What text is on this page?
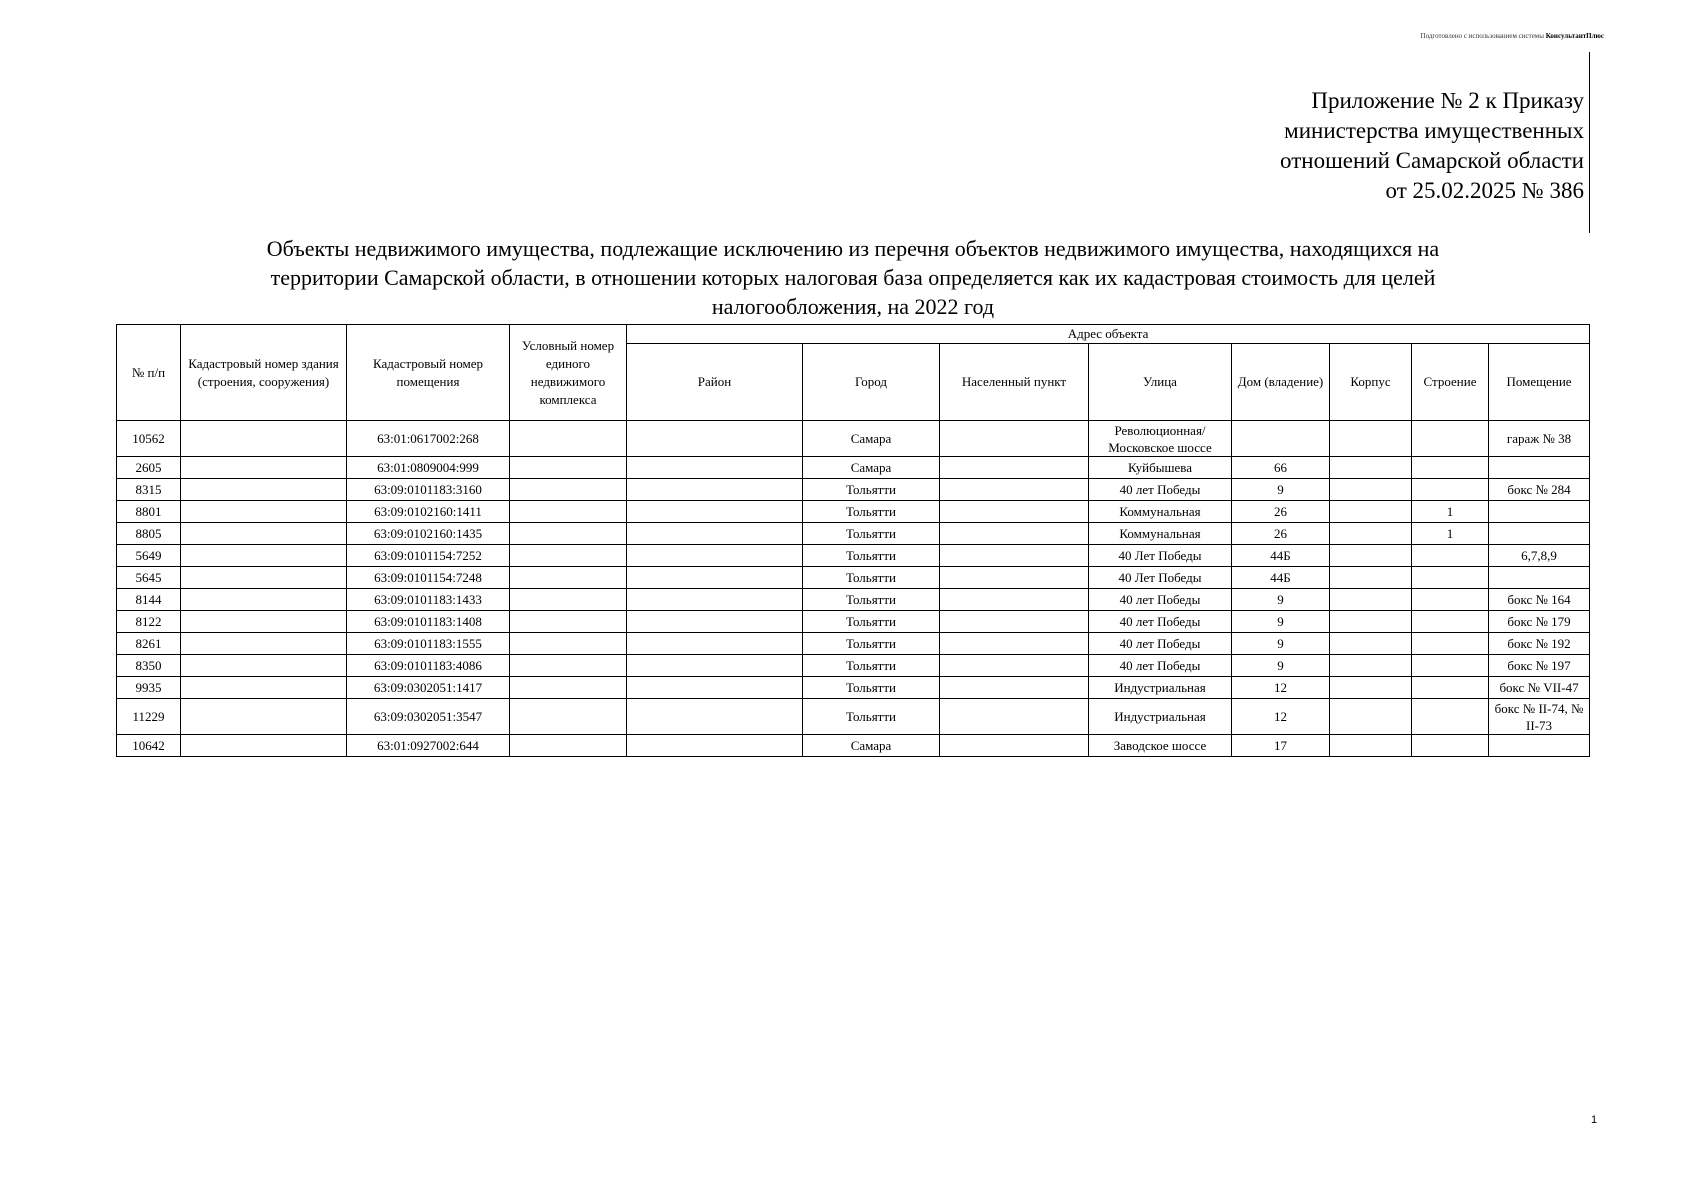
Подготовлено с использованием системы КонсультантПлюс
Приложение № 2 к Приказу
министерства имущественных
отношений Самарской области
от 25.02.2025 № 386
Объекты недвижимого имущества, подлежащие исключению из перечня объектов недвижимого имущества, находящихся на
территории Самарской области, в отношении которых налоговая база определяется как их кадастровая стоимость для целей
налогообложения, на 2022 год
№ п/п	Кадастровый номер здания (строения, сооружения)	Кадастровый номер помещения	Условный номер единого недвижимого комплекса	Адрес объекта							
				Район	Город	Населенный пункт	Улица	Дом (владение)	Корпус	Строение	Помещение
10562		63:01:0617002:268			Самара		Революционная/ Московское шоссе				гараж № 38
2605		63:01:0809004:999			Самара		Куйбышева	66			
8315		63:09:0101183:3160			Тольятти		40 лет Победы	9			бокс № 284
8801		63:09:0102160:1411			Тольятти		Коммунальная	26		1	
8805		63:09:0102160:1435			Тольятти		Коммунальная	26		1	
5649		63:09:0101154:7252			Тольятти		40 Лет Победы	44Б			6,7,8,9
5645		63:09:0101154:7248			Тольятти		40 Лет Победы	44Б			
8144		63:09:0101183:1433			Тольятти		40 лет Победы	9			бокс № 164
8122		63:09:0101183:1408			Тольятти		40 лет Победы	9			бокс № 179
8261		63:09:0101183:1555			Тольятти		40 лет Победы	9			бокс № 192
8350		63:09:0101183:4086			Тольятти		40 лет Победы	9			бокс № 197
9935		63:09:0302051:1417			Тольятти		Индустриальная	12			бокс № VII-47
11229		63:09:0302051:3547			Тольятти		Индустриальная	12			бокс № II-74, № II-73
10642		63:01:0927002:644			Самара		Заводское шоссе	17			
1
